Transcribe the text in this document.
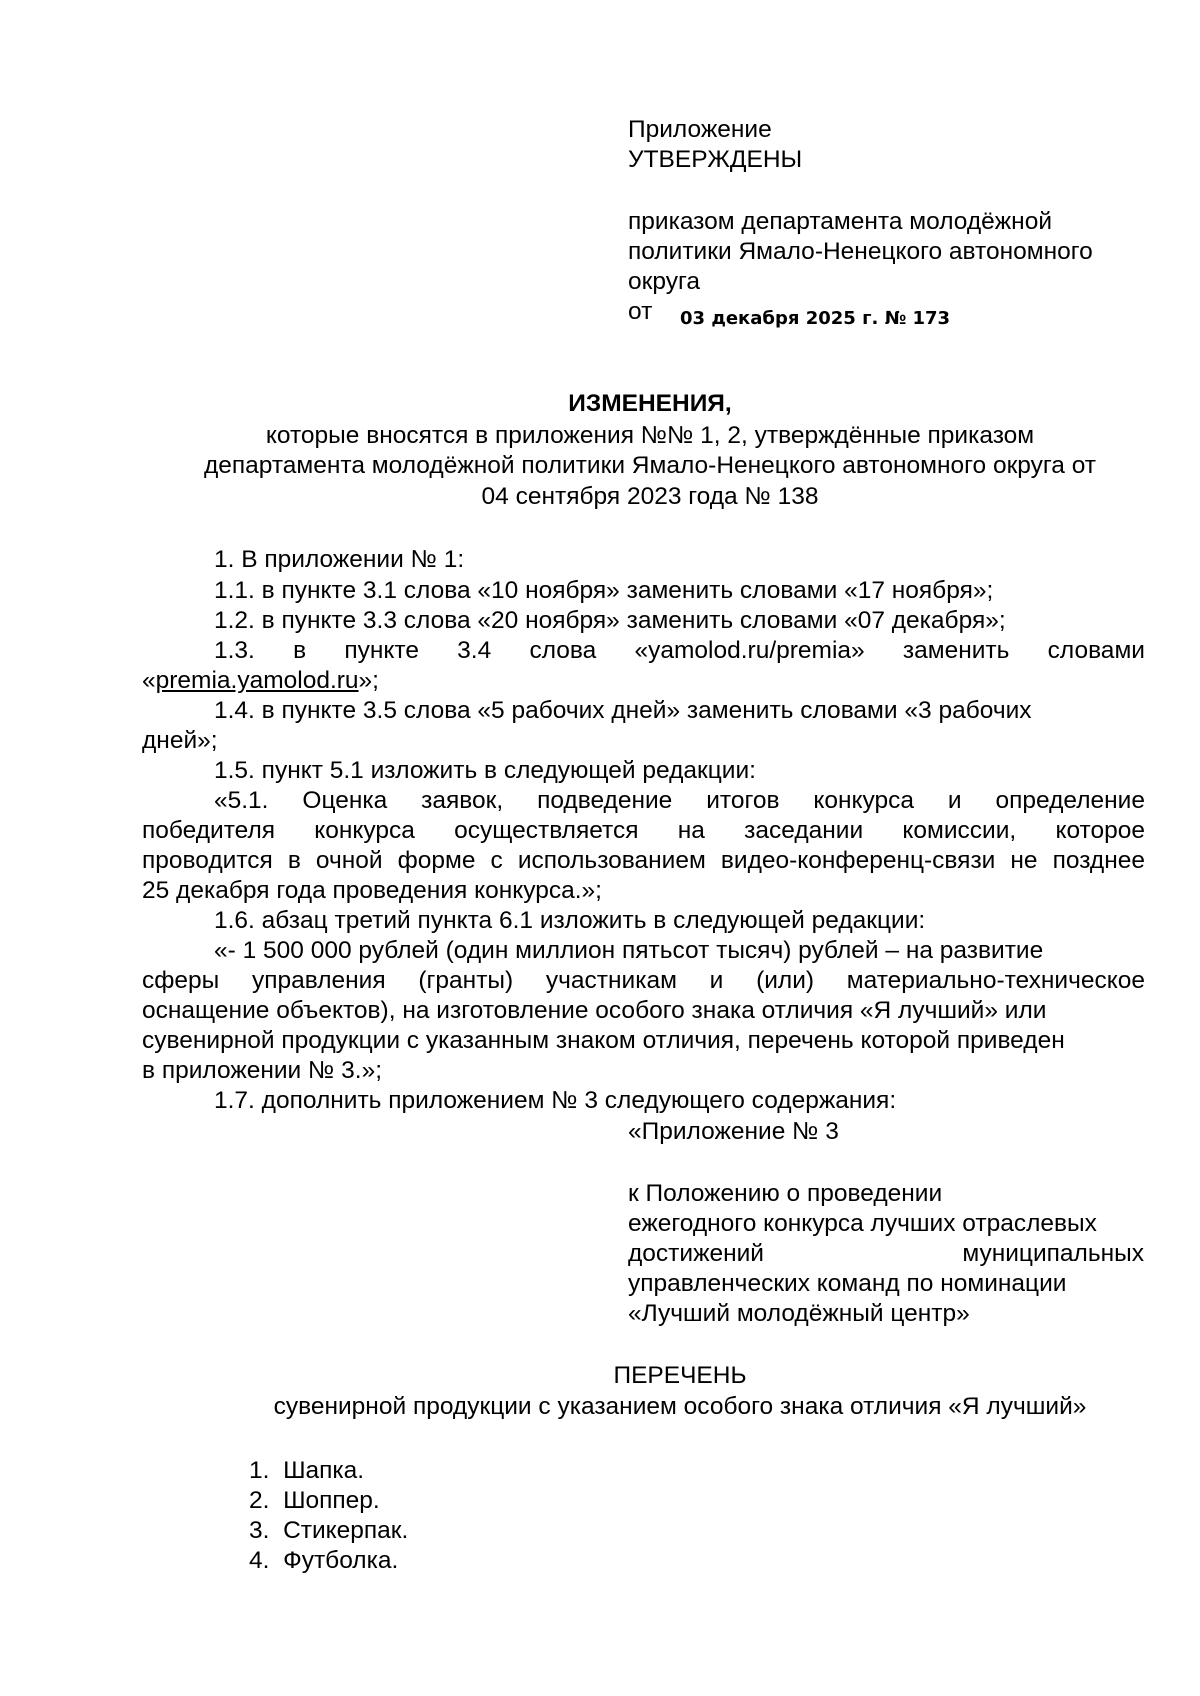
Приложение
УТВЕРЖДЕНЫ
приказом департамента молодёжной
политики Ямало-Ненецкого автономного
округа
от 03 декабря 2025 г. № 173
ИЗМЕНЕНИЯ,
которые вносятся в приложения №№ 1, 2, утверждённые приказом
департамента молодёжной политики Ямало-Ненецкого автономного округа от
04 сентября 2023 года № 138
1. В приложении № 1:
1.1. в пункте 3.1 слова «10 ноября» заменить словами «17 ноября»;
1.2. в пункте 3.3 слова «20 ноября» заменить словами «07 декабря»;
1.3. в пункте 3.4 слова «yamolod.ru/premia» заменить словами
«premia.yamolod.ru»;
1.4. в пункте 3.5 слова «5 рабочих дней» заменить словами «3 рабочих
дней»;
1.5. пункт 5.1 изложить в следующей редакции:
«5.1. Оценка заявок, подведение итогов конкурса и определение
победителя конкурса осуществляется на заседании комиссии, которое
проводится в очной форме с использованием видео-конференц-связи не позднее
25 декабря года проведения конкурса.»;
1.6. абзац третий пункта 6.1 изложить в следующей редакции:
«- 1 500 000 рублей (один миллион пятьсот тысяч) рублей – на развитие
сферы управления (гранты) участникам и (или) материально-техническое
оснащение объектов), на изготовление особого знака отличия «Я лучший» или
сувенирной продукции с указанным знаком отличия, перечень которой приведен
в приложении № 3.»;
1.7. дополнить приложением № 3 следующего содержания:
«Приложение № 3
к Положению о проведении
ежегодного конкурса лучших отраслевых
достижений муниципальных
управленческих команд по номинации
«Лучший молодёжный центр»
ПЕРЕЧЕНЬ
сувенирной продукции с указанием особого знака отличия «Я лучший»
1. Шапка.
2. Шоппер.
3. Стикерпак.
4. Футболка.
